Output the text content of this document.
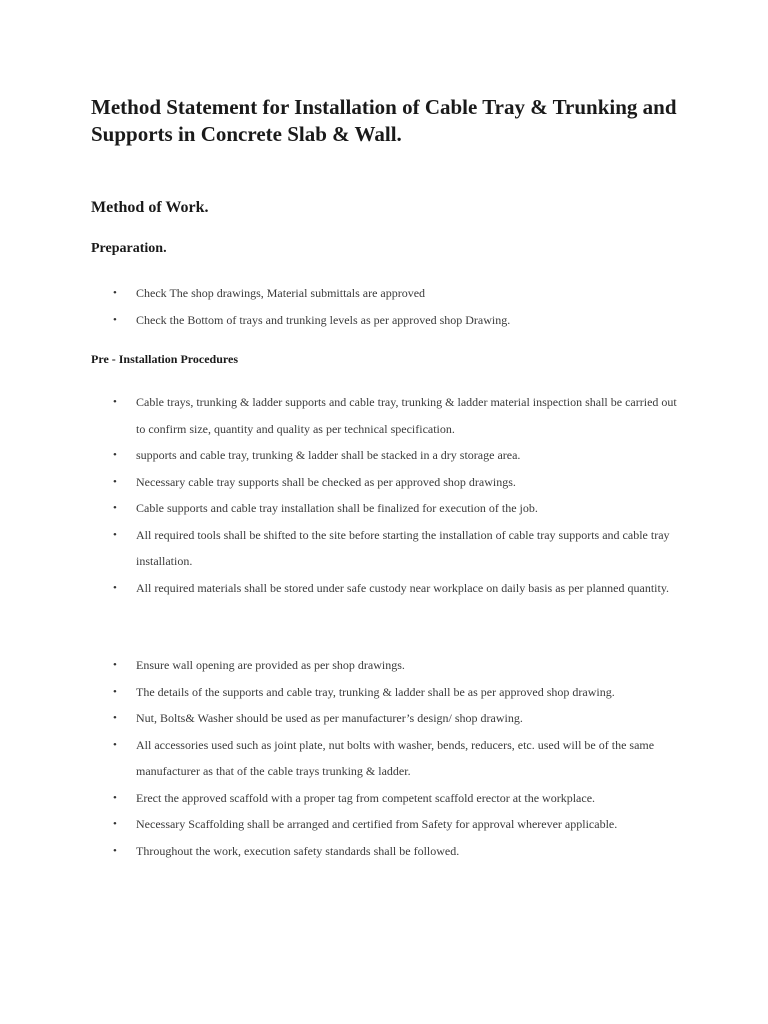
Method Statement for Installation of Cable Tray & Trunking and Supports in Concrete Slab & Wall.
Method of Work.
Preparation.
• Check The shop drawings, Material submittals are approved
• Check the Bottom of trays and trunking levels as per approved shop Drawing.
Pre - Installation Procedures
• Cable trays, trunking & ladder supports and cable tray, trunking & ladder material inspection shall be carried out to confirm size, quantity and quality as per technical specification.
• supports and cable tray, trunking & ladder shall be stacked in a dry storage area.
• Necessary cable tray supports shall be checked as per approved shop drawings.
• Cable supports and cable tray installation shall be finalized for execution of the job.
• All required tools shall be shifted to the site before starting the installation of cable tray supports and cable tray installation.
• All required materials shall be stored under safe custody near workplace on daily basis as per planned quantity.
• Ensure wall opening are provided as per shop drawings.
• The details of the supports and cable tray, trunking & ladder shall be as per approved shop drawing.
• Nut, Bolts& Washer should be used as per manufacturer’s design/ shop drawing.
• All accessories used such as joint plate, nut bolts with washer, bends, reducers, etc. used will be of the same manufacturer as that of the cable trays trunking & ladder.
• Erect the approved scaffold with a proper tag from competent scaffold erector at the workplace.
• Necessary Scaffolding shall be arranged and certified from Safety for approval wherever applicable.
• Throughout the work, execution safety standards shall be followed.
